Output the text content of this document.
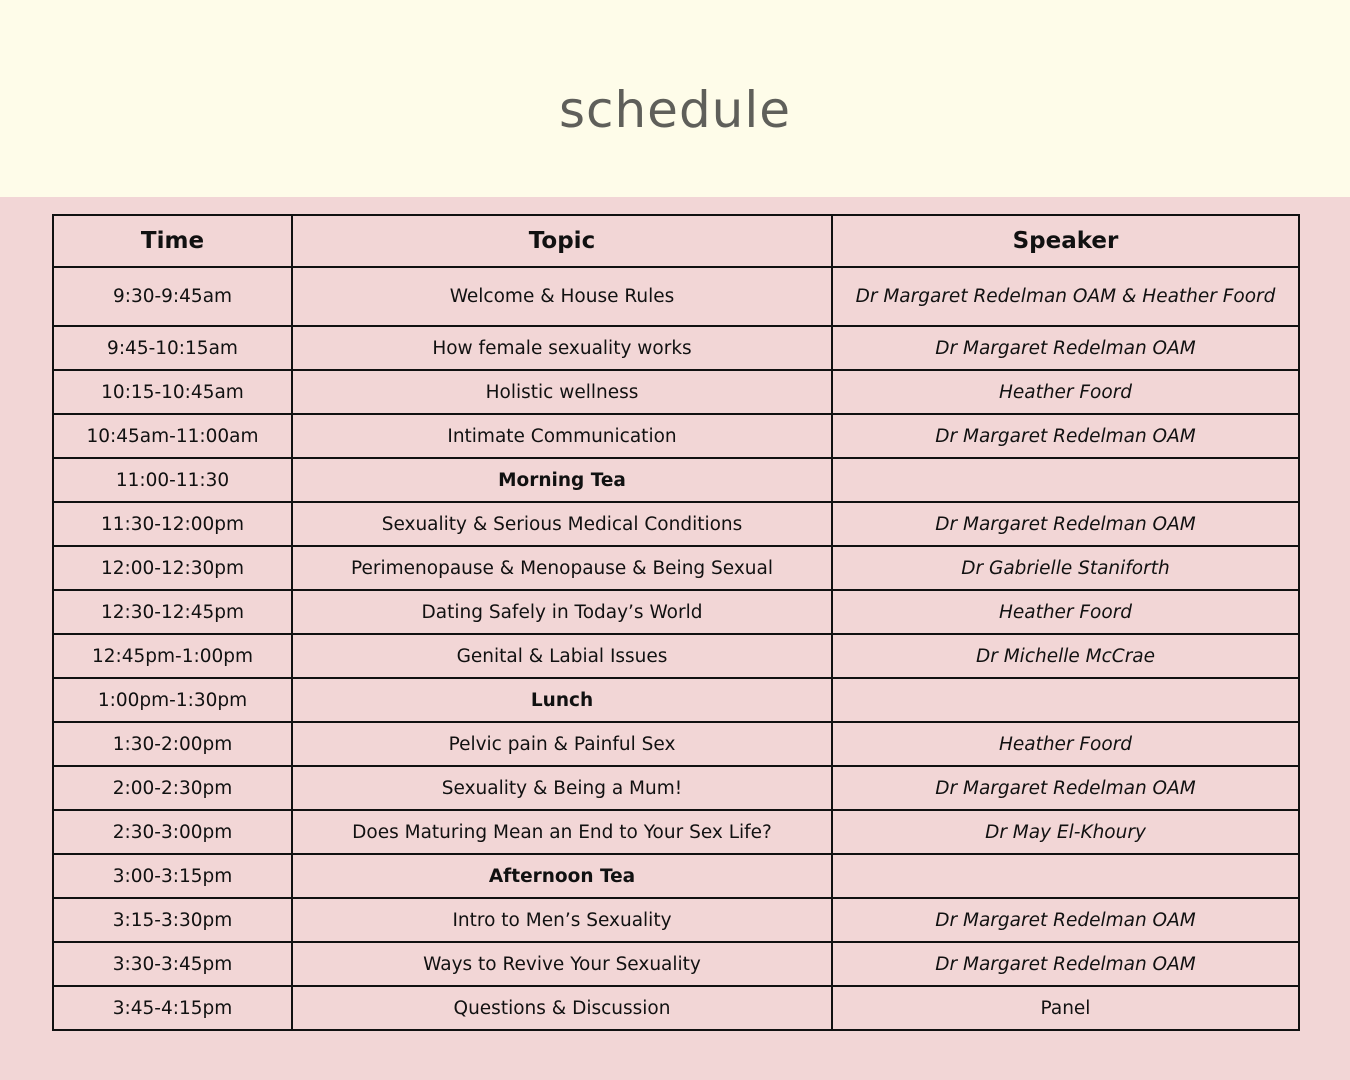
schedule
Time	Topic	Speaker
9:30-9:45am	Welcome & House Rules	Dr Margaret Redelman OAM & Heather Foord
9:45-10:15am	How female sexuality works	Dr Margaret Redelman OAM
10:15-10:45am	Holistic wellness	Heather Foord
10:45am-11:00am	Intimate Communication	Dr Margaret Redelman OAM
11:00-11:30	Morning Tea	
11:30-12:00pm	Sexuality & Serious Medical Conditions	Dr Margaret Redelman OAM
12:00-12:30pm	Perimenopause & Menopause & Being Sexual	Dr Gabrielle Staniforth
12:30-12:45pm	Dating Safely in Today’s World	Heather Foord
12:45pm-1:00pm	Genital & Labial Issues	Dr Michelle McCrae
1:00pm-1:30pm	Lunch	
1:30-2:00pm	Pelvic pain & Painful Sex	Heather Foord
2:00-2:30pm	Sexuality & Being a Mum!	Dr Margaret Redelman OAM
2:30-3:00pm	Does Maturing Mean an End to Your Sex Life?	Dr May El-Khoury
3:00-3:15pm	Afternoon Tea	
3:15-3:30pm	Intro to Men’s Sexuality	Dr Margaret Redelman OAM
3:30-3:45pm	Ways to Revive Your Sexuality	Dr Margaret Redelman OAM
3:45-4:15pm	Questions & Discussion	Panel
